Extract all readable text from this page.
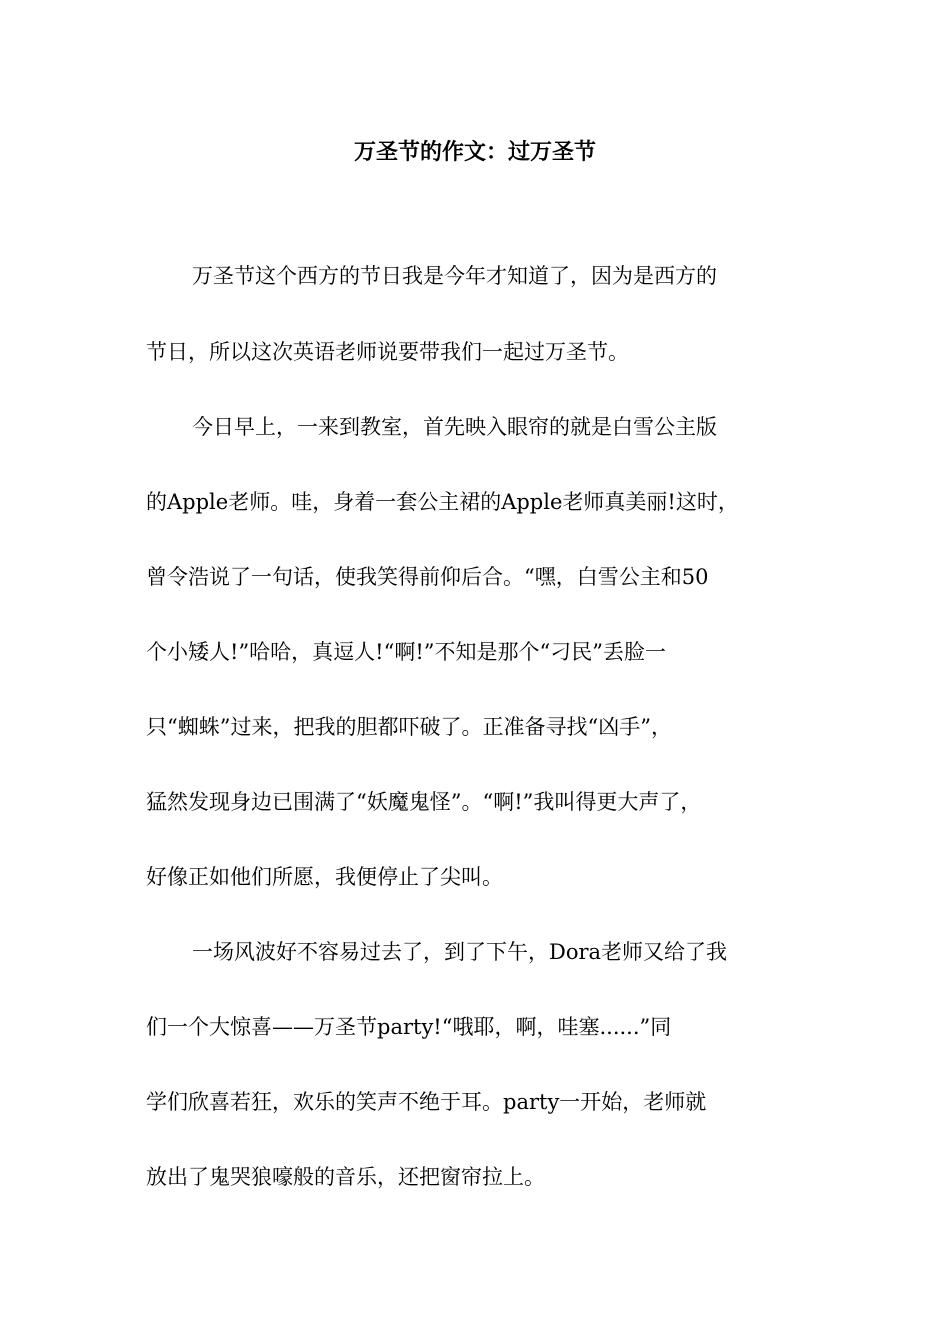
万圣节的作文：过万圣节
万圣节这个西方的节日我是今年才知道了，因为是西方的
节日，所以这次英语老师说要带我们一起过万圣节。
今日早上，一来到教室，首先映入眼帘的就是白雪公主版
的Apple老师。哇，身着一套公主裙的Apple老师真美丽!这时，
曾令浩说了一句话，使我笑得前仰后合。“嘿，白雪公主和50
个小矮人!”哈哈，真逗人!“啊!”不知是那个“刁民”丢脸一
只“蜘蛛”过来，把我的胆都吓破了。正准备寻找“凶手”，
猛然发现身边已围满了“妖魔鬼怪”。“啊!”我叫得更大声了，
好像正如他们所愿，我便停止了尖叫。
一场风波好不容易过去了，到了下午，Dora老师又给了我
们一个大惊喜——万圣节party!“哦耶，啊，哇塞......”同
学们欣喜若狂，欢乐的笑声不绝于耳。party一开始，老师就
放出了鬼哭狼嚎般的音乐，还把窗帘拉上。
